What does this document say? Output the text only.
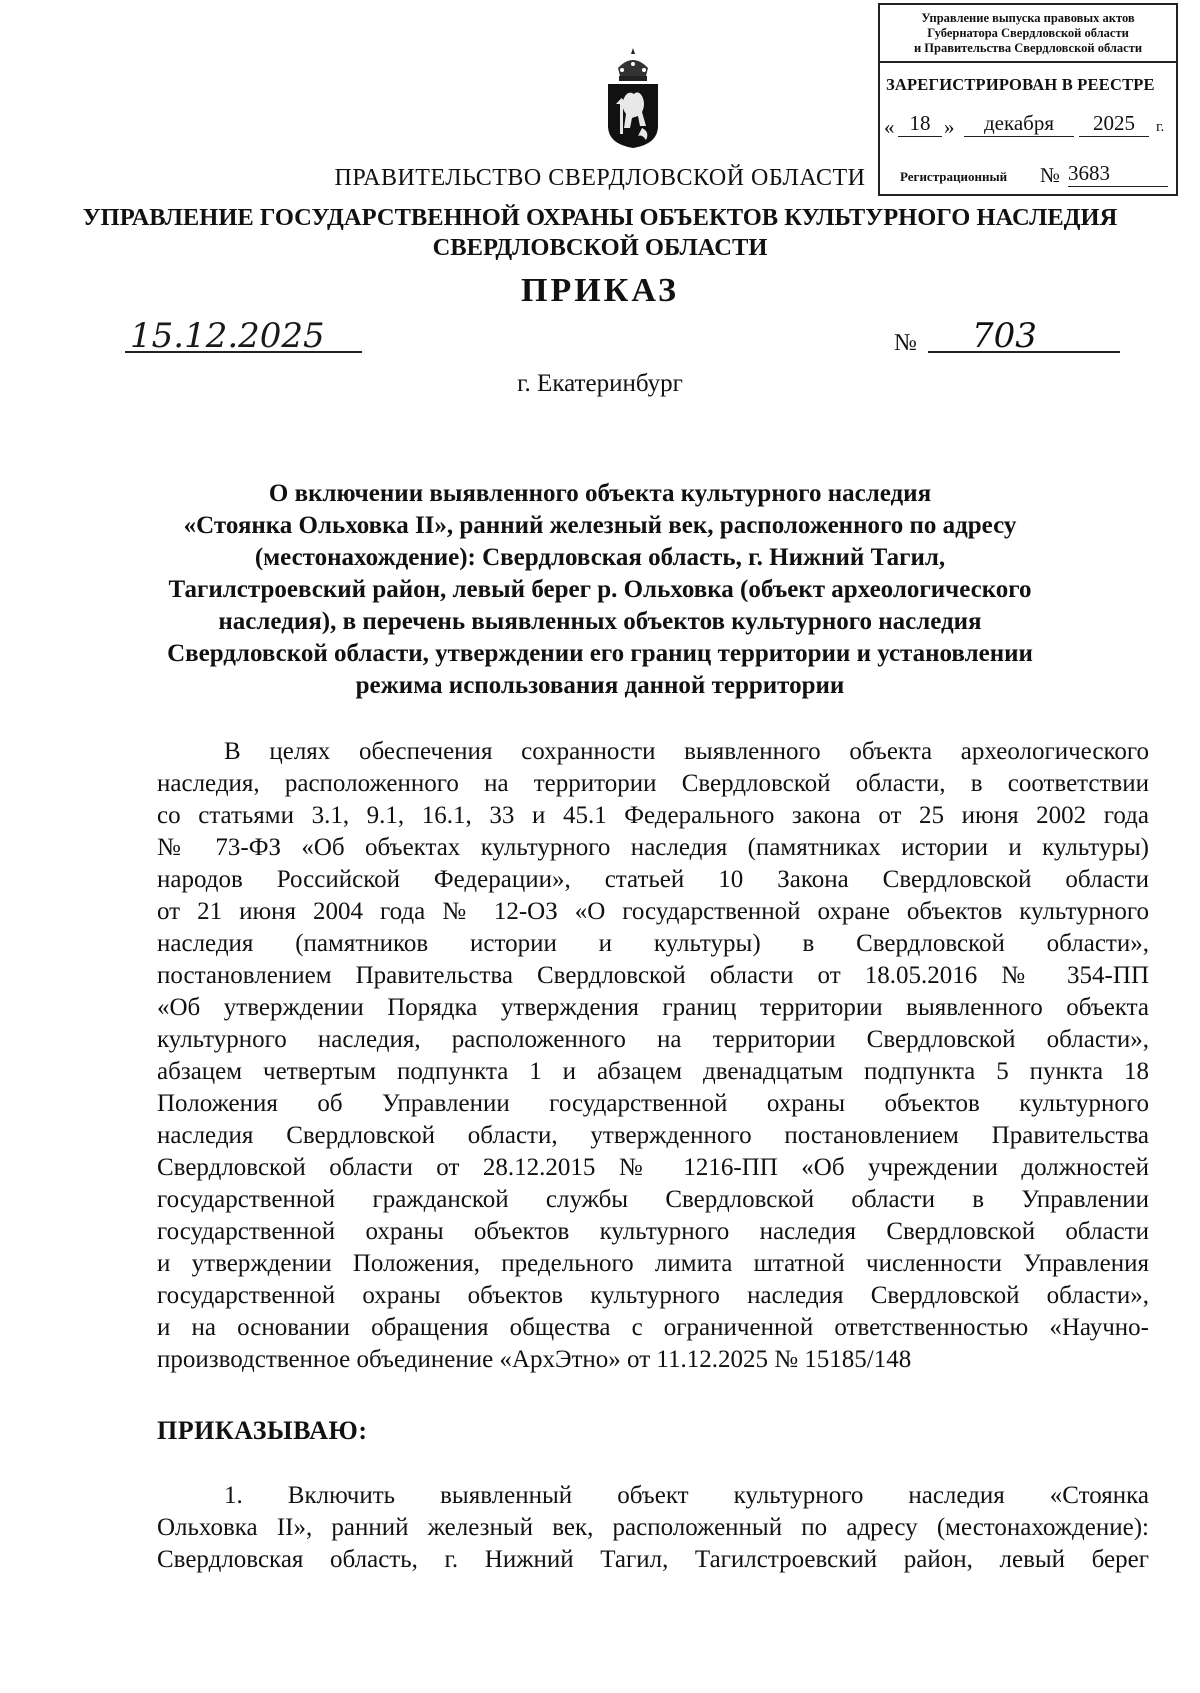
Управление выпуска правовых актов
Губернатора Свердловской области
и Правительства Свердловской области
ЗАРЕГИСТРИРОВАН В РЕЕСТРЕ
« 18 »	декабря	2025	г.
Регистрационный № 3683
ПРАВИТЕЛЬСТВО СВЕРДЛОВСКОЙ ОБЛАСТИ
УПРАВЛЕНИЕ ГОСУДАРСТВЕННОЙ ОХРАНЫ ОБЪЕКТОВ КУЛЬТУРНОГО НАСЛЕДИЯ
СВЕРДЛОВСКОЙ ОБЛАСТИ
ПРИКАЗ
15.12.2025	№ 703
г. Екатеринбург
О включении выявленного объекта культурного наследия
«Стоянка Ольховка II», ранний железный век, расположенного по адресу
(местонахождение): Свердловская область, г. Нижний Тагил,
Тагилстроевский район, левый берег р. Ольховка (объект археологического
наследия), в перечень выявленных объектов культурного наследия
Свердловской области, утверждении его границ территории и установлении
режима использования данной территории
В целях обеспечения сохранности выявленного объекта археологического
наследия, расположенного на территории Свердловской области, в соответствии
со статьями 3.1, 9.1, 16.1, 33 и 45.1 Федерального закона от 25 июня 2002 года
№ 73-ФЗ «Об объектах культурного наследия (памятниках истории и культуры)
народов Российской Федерации», статьей 10 Закона Свердловской области
от 21 июня 2004 года № 12-ОЗ «О государственной охране объектов культурного
наследия (памятников истории и культуры) в Свердловской области»,
постановлением Правительства Свердловской области от 18.05.2016 № 354-ПП
«Об утверждении Порядка утверждения границ территории выявленного объекта
культурного наследия, расположенного на территории Свердловской области»,
абзацем четвертым подпункта 1 и абзацем двенадцатым подпункта 5 пункта 18
Положения об Управлении государственной охраны объектов культурного
наследия Свердловской области, утвержденного постановлением Правительства
Свердловской области от 28.12.2015 № 1216-ПП «Об учреждении должностей
государственной гражданской службы Свердловской области в Управлении
государственной охраны объектов культурного наследия Свердловской области
и утверждении Положения, предельного лимита штатной численности Управления
государственной охраны объектов культурного наследия Свердловской области»,
и на основании обращения общества с ограниченной ответственностью «Научно-
производственное объединение «АрхЭтно» от 11.12.2025 № 15185/148
ПРИКАЗЫВАЮ:
1. Включить выявленный объект культурного наследия «Стоянка
Ольховка II», ранний железный век, расположенный по адресу (местонахождение):
Свердловская область, г. Нижний Тагил, Тагилстроевский район, левый берег
